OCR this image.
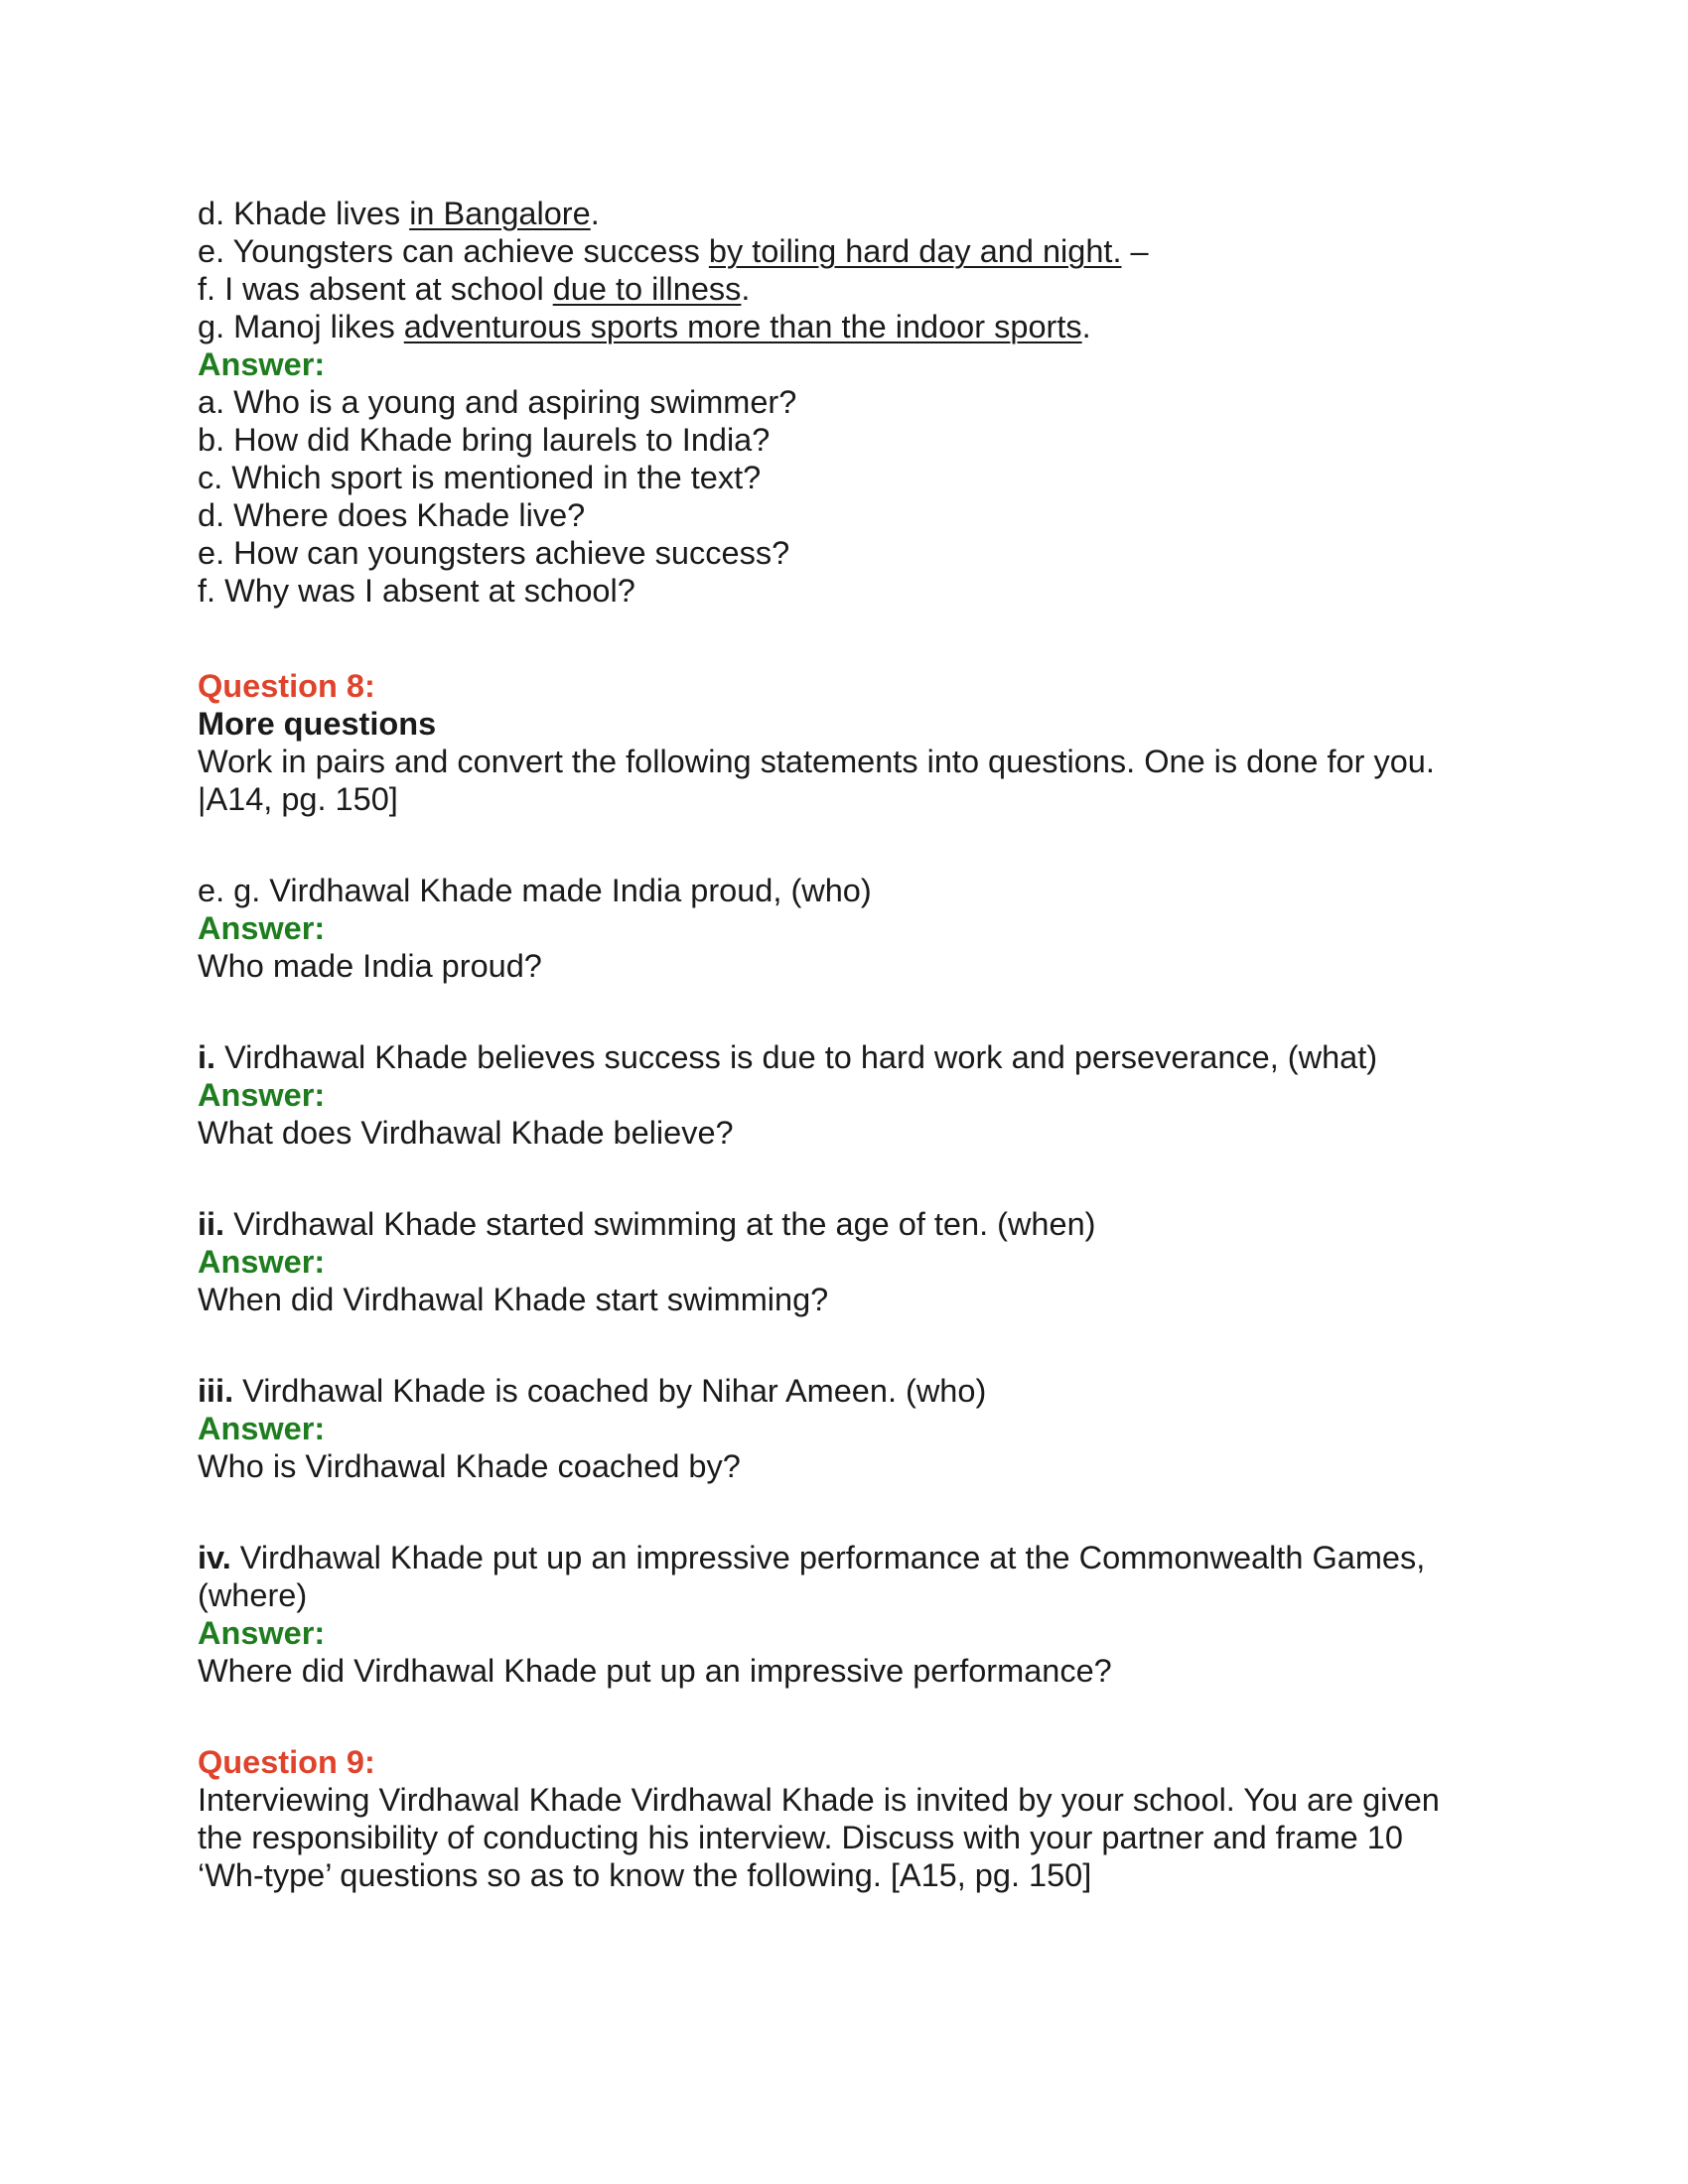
d. Khade lives in Bangalore.

e. Youngsters can achieve success by toiling hard day and night. –

f. I was absent at school due to illness.

g. Manoj likes adventurous sports more than the indoor sports.

Answer:

a. Who is a young and aspiring swimmer?

b. How did Khade bring laurels to India?

c. Which sport is mentioned in the text?

d. Where does Khade live?

e. How can youngsters achieve success?

f. Why was I absent at school?

Question 8:

More questions

Work in pairs and convert the following statements into questions. One is done for you.

|A14, pg. 150]

e. g. Virdhawal Khade made India proud, (who)

Answer:

Who made India proud?

i. Virdhawal Khade believes success is due to hard work and perseverance, (what)

Answer:

What does Virdhawal Khade believe?

ii. Virdhawal Khade started swimming at the age of ten. (when)

Answer:

When did Virdhawal Khade start swimming?

iii. Virdhawal Khade is coached by Nihar Ameen. (who)

Answer:

Who is Virdhawal Khade coached by?

iv. Virdhawal Khade put up an impressive performance at the Commonwealth Games,

(where)

Answer:

Where did Virdhawal Khade put up an impressive performance?

Question 9:

Interviewing Virdhawal Khade Virdhawal Khade is invited by your school. You are given

the responsibility of conducting his interview. Discuss with your partner and frame 10

‘Wh-type’ questions so as to know the following. [A15, pg. 150]
